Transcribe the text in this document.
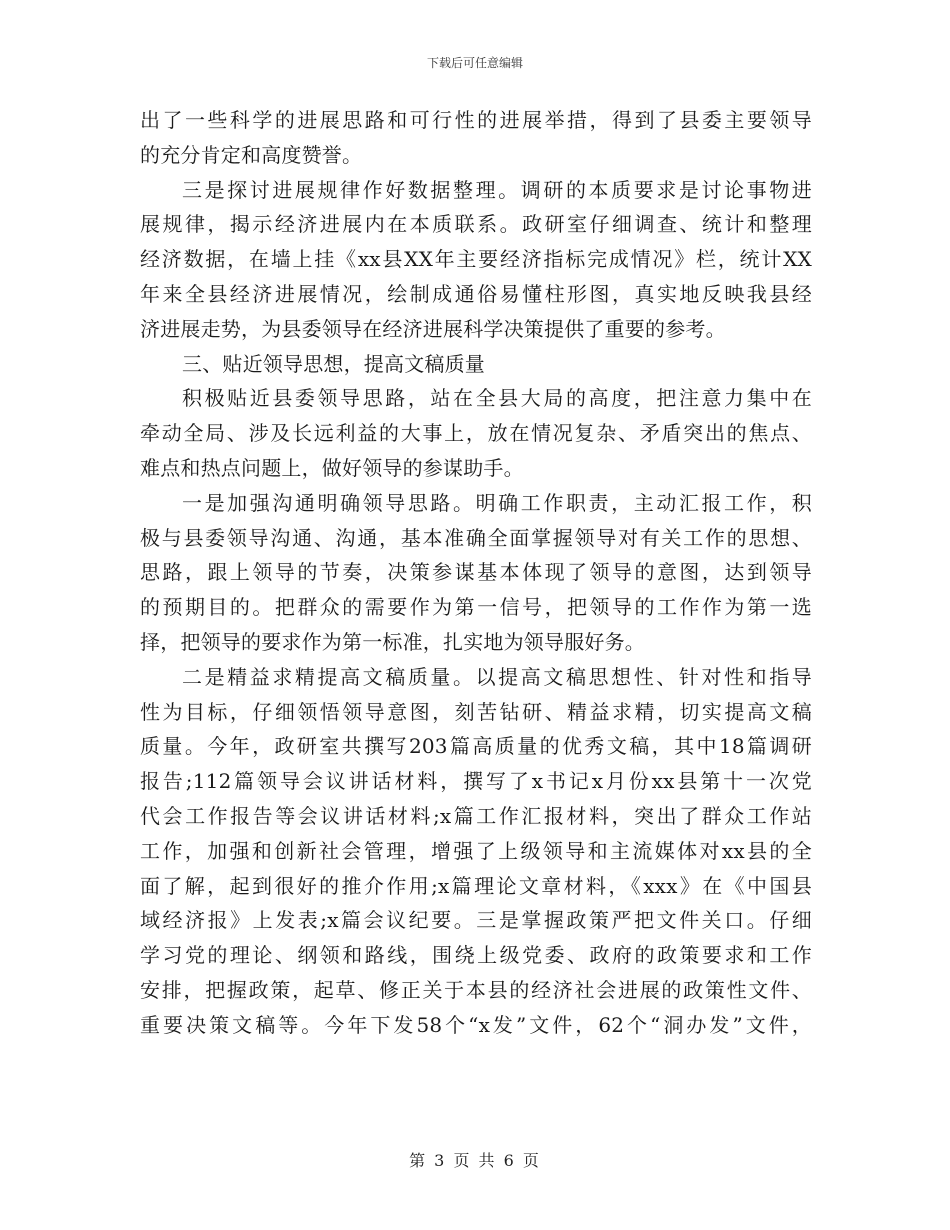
下载后可任意编辑
出了一些科学的进展思路和可行性的进展举措，得到了县委主要领导
的充分肯定和高度赞誉。
三是探讨进展规律作好数据整理。调研的本质要求是讨论事物进
展规律，揭示经济进展内在本质联系。政研室仔细调查、统计和整理
经济数据，在墙上挂《xx县XX年主要经济指标完成情况》栏，统计XX
年来全县经济进展情况，绘制成通俗易懂柱形图，真实地反映我县经
济进展走势，为县委领导在经济进展科学决策提供了重要的参考。
三、贴近领导思想，提高文稿质量
积极贴近县委领导思路，站在全县大局的高度，把注意力集中在
牵动全局、涉及长远利益的大事上，放在情况复杂、矛盾突出的焦点、
难点和热点问题上，做好领导的参谋助手。
一是加强沟通明确领导思路。明确工作职责，主动汇报工作，积
极与县委领导沟通、沟通，基本准确全面掌握领导对有关工作的思想、
思路，跟上领导的节奏，决策参谋基本体现了领导的意图，达到领导
的预期目的。把群众的需要作为第一信号，把领导的工作作为第一选
择，把领导的要求作为第一标准，扎实地为领导服好务。
二是精益求精提高文稿质量。以提高文稿思想性、针对性和指导
性为目标，仔细领悟领导意图，刻苦钻研、精益求精，切实提高文稿
质量。今年，政研室共撰写203篇高质量的优秀文稿，其中18篇调研
报告;112篇领导会议讲话材料，撰写了x书记x月份xx县第十一次党
代会工作报告等会议讲话材料;x篇工作汇报材料，突出了群众工作站
工作，加强和创新社会管理，增强了上级领导和主流媒体对xx县的全
面了解，起到很好的推介作用;x篇理论文章材料，《xxx》在《中国县
域经济报》上发表;x篇会议纪要。三是掌握政策严把文件关口。仔细
学习党的理论、纲领和路线，围绕上级党委、政府的政策要求和工作
安排，把握政策，起草、修正关于本县的经济社会进展的政策性文件、
重要决策文稿等。今年下发58个“x发”文件，62个“洞办发”文件，
第 3 页 共 6 页
